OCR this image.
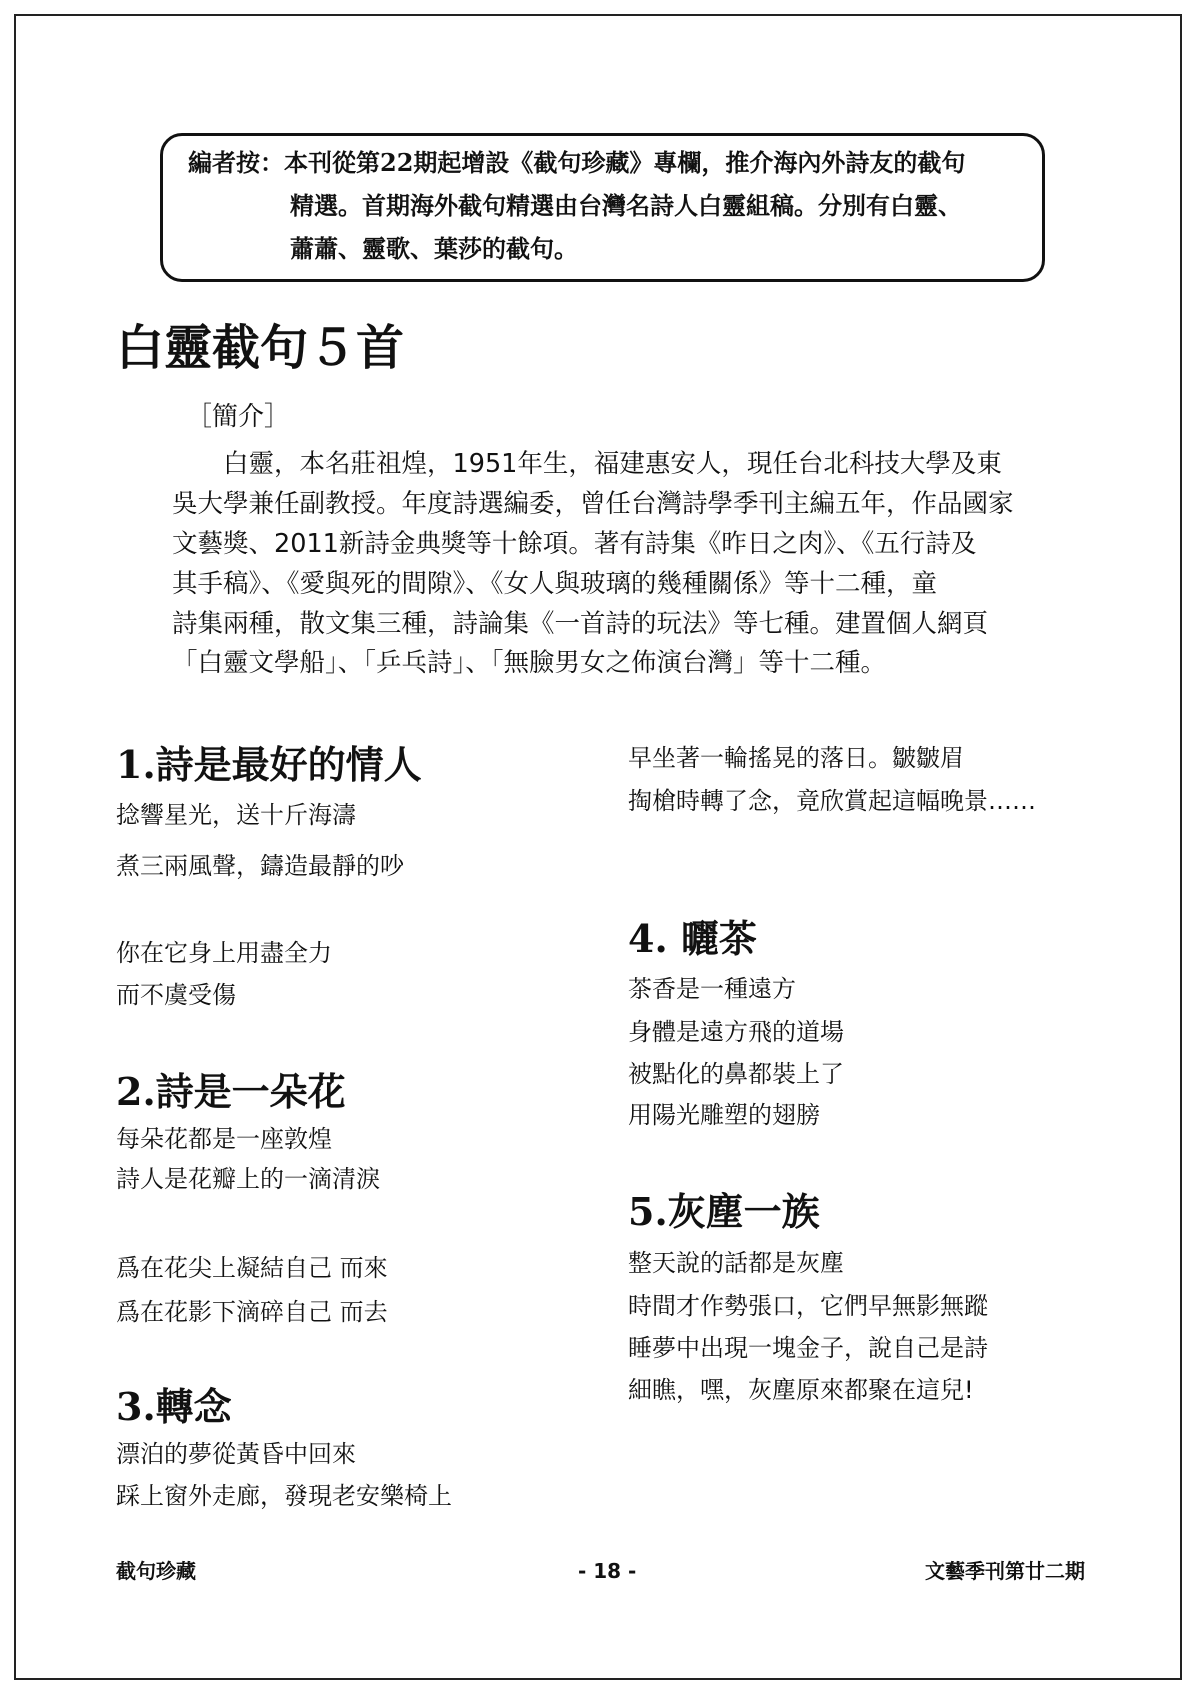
編者按：本刊從第22期起增設《截句珍藏》專欄，推介海內外詩友的截句
精選。首期海外截句精選由台灣名詩人白靈組稿。分別有白靈、
蕭蕭、靈歌、葉莎的截句。
白靈截句５首
［簡介］
　　白靈，本名莊祖煌，1951年生，福建惠安人，現任台北科技大學及東
吳大學兼任副教授。年度詩選編委，曾任台灣詩學季刊主編五年，作品國家
文藝獎、2011新詩金典獎等十餘項。著有詩集《昨日之肉》、《五行詩及
其手稿》、《愛與死的間隙》、《女人與玻璃的幾種關係》等十二種，童
詩集兩種，散文集三種，詩論集《一首詩的玩法》等七種。建置個人網頁
「白靈文學船」、「乒乓詩」、「無臉男女之佈演台灣」等十二種。
1.詩是最好的情人
捻響星光，送十斤海濤
煮三兩風聲，鑄造最靜的吵
你在它身上用盡全力
而不虞受傷
2.詩是一朵花
每朵花都是一座敦煌
詩人是花瓣上的一滴清淚
爲在花尖上凝結自己 而來
爲在花影下滴碎自己 而去
3.轉念
漂泊的夢從黃昏中回來
踩上窗外走廊，發現老安樂椅上
早坐著一輪搖晃的落日。皺皺眉
掏槍時轉了念，竟欣賞起這幅晚景……
4. 曬茶
茶香是一種遠方
身體是遠方飛的道場
被點化的鼻都裝上了
用陽光雕塑的翅膀
5.灰塵一族
整天說的話都是灰塵
時間才作勢張口，它們早無影無蹤
睡夢中出現一塊金子，說自己是詩
細瞧，嘿，灰塵原來都聚在這兒!
截句珍藏	- 18 -	文藝季刊第廿二期
